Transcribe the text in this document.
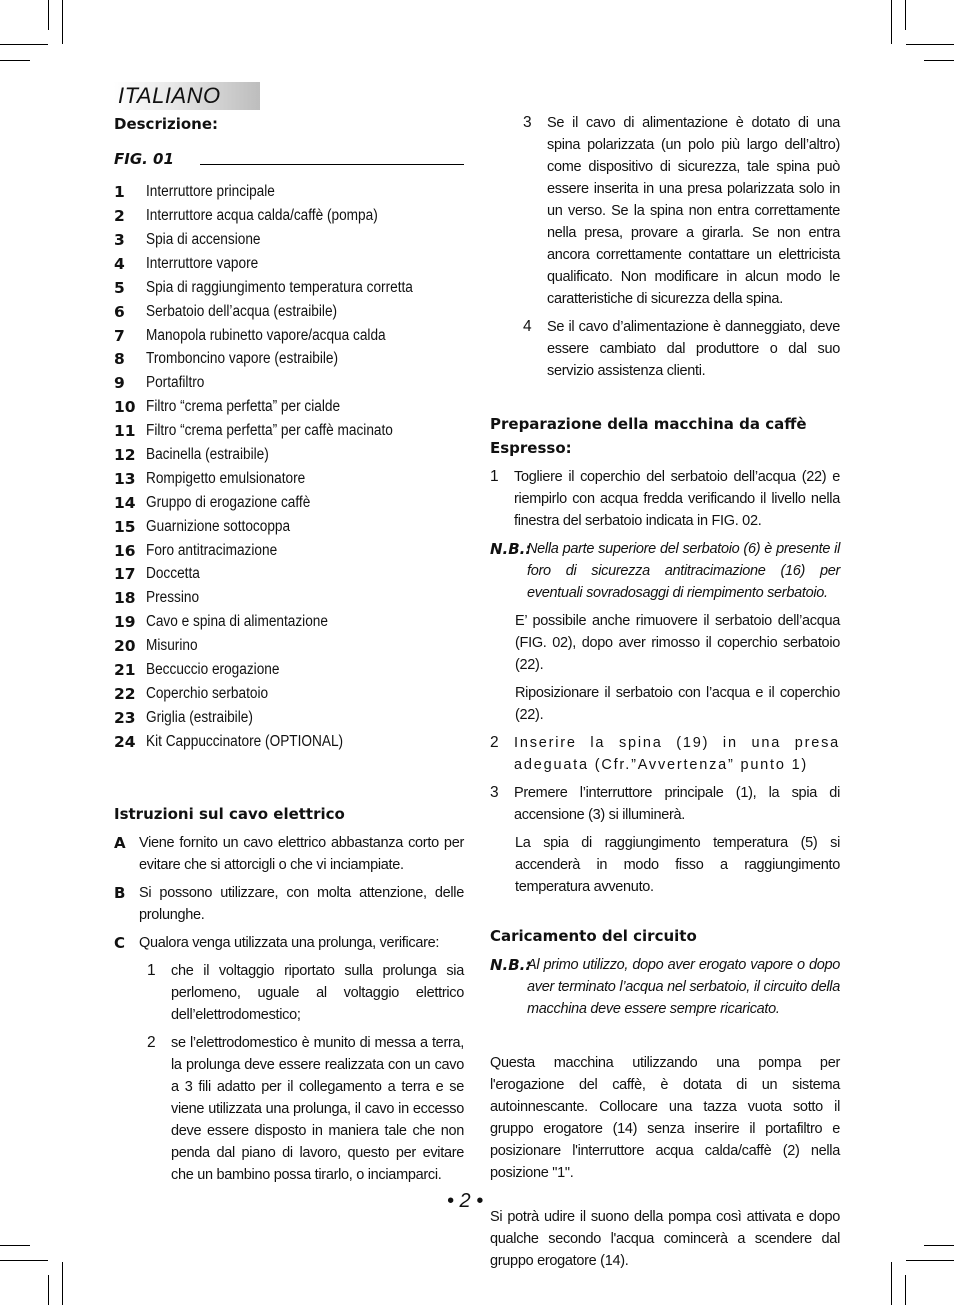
ITALIANO
Descrizione:
FIG. 01
1	Interruttore principale
2	Interruttore acqua calda/caffè (pompa)
3	Spia di accensione
4	Interruttore vapore
5	Spia di raggiungimento temperatura corretta
6	Serbatoio dell’acqua (estraibile)
7	Manopola rubinetto vapore/acqua calda
8	Tromboncino vapore (estraibile)
9	Portafiltro
10 Filtro “crema perfetta” per cialde
11 Filtro “crema perfetta” per caffè macinato
12 Bacinella (estraibile)
13 Rompigetto emulsionatore
14 Gruppo di erogazione caffè
15 Guarnizione sottocoppa
16 Foro antitracimazione
17 Doccetta
18 Pressino
19 Cavo e spina di alimentazione
20 Misurino
21 Beccuccio erogazione
22 Coperchio serbatoio
23 Griglia (estraibile)
24 Kit Cappuccinatore (OPTIONAL)
Istruzioni sul cavo elettrico
A Viene fornito un cavo elettrico abbastanza corto per evitare che si attorcigli o che vi inciampiate.
B Si possono utilizzare, con molta attenzione, delle prolunghe.
C Qualora venga utilizzata una prolunga, verificare:
1	che il voltaggio riportato sulla prolunga sia perlomeno, uguale al voltaggio elettrico dell’elettrodomestico;
2	se l’elettrodomestico è munito di messa a terra, la prolunga deve essere realizzata con un cavo a 3 fili adatto per il collegamento a terra e se viene utilizzata una prolunga, il cavo in eccesso deve essere disposto in maniera tale che non penda dal piano di lavoro, questo per evitare che un bambino possa tirarlo, o inciamparci.
3	Se il cavo di alimentazione è dotato di una spina polarizzata (un polo più largo dell’altro) come dispositivo di sicurezza, tale spina può essere inserita in una presa polarizzata solo in un verso. Se la spina non entra correttamente nella presa, provare a girarla. Se non entra ancora correttamente contattare un elettricista qualificato. Non modificare in alcun modo le caratteristiche di sicurezza della spina.
4	Se il cavo d’alimentazione è danneggiato, deve essere cambiato dal produttore o dal suo servizio assistenza clienti.
Preparazione della macchina da caffè Espresso:
1	Togliere il coperchio del serbatoio dell’acqua (22) e riempirlo con acqua fredda verificando il livello nella finestra del serbatoio indicata in FIG. 02.
N.B.:
Nella parte superiore del serbatoio (6) è presente il foro di sicurezza antitracimazione (16) per eventuali sovradosaggi di riempimento serbatoio.
E’ possibile anche rimuovere il serbatoio dell’acqua (FIG. 02), dopo aver rimosso il coperchio serbatoio (22).
Riposizionare il serbatoio con l’acqua e il coperchio (22).
2	Inserire la spina (19) in una presa adeguata (Cfr.”Avvertenza” punto 1)
3	Premere l’interruttore principale (1), la spia di accensione (3) si illuminerà.
La spia di raggiungimento temperatura (5) si accenderà in modo fisso a raggiungimento temperatura avvenuto.
Caricamento del circuito
N.B.:
Al primo utilizzo, dopo aver erogato vapore o dopo aver terminato l’acqua nel serbatoio, il circuito della macchina deve essere sempre ricaricato.
Questa macchina utilizzando una pompa per l'erogazione del caffè, è dotata di un sistema autoinnescante. Collocare una tazza vuota sotto il gruppo erogatore (14) senza inserire il portafiltro e posizionare l'interruttore acqua calda/caffè (2) nella posizione "1".
Si potrà udire il suono della pompa così attivata e dopo qualche secondo l'acqua comincerà a scendere dal gruppo erogatore (14).
• 2 •
